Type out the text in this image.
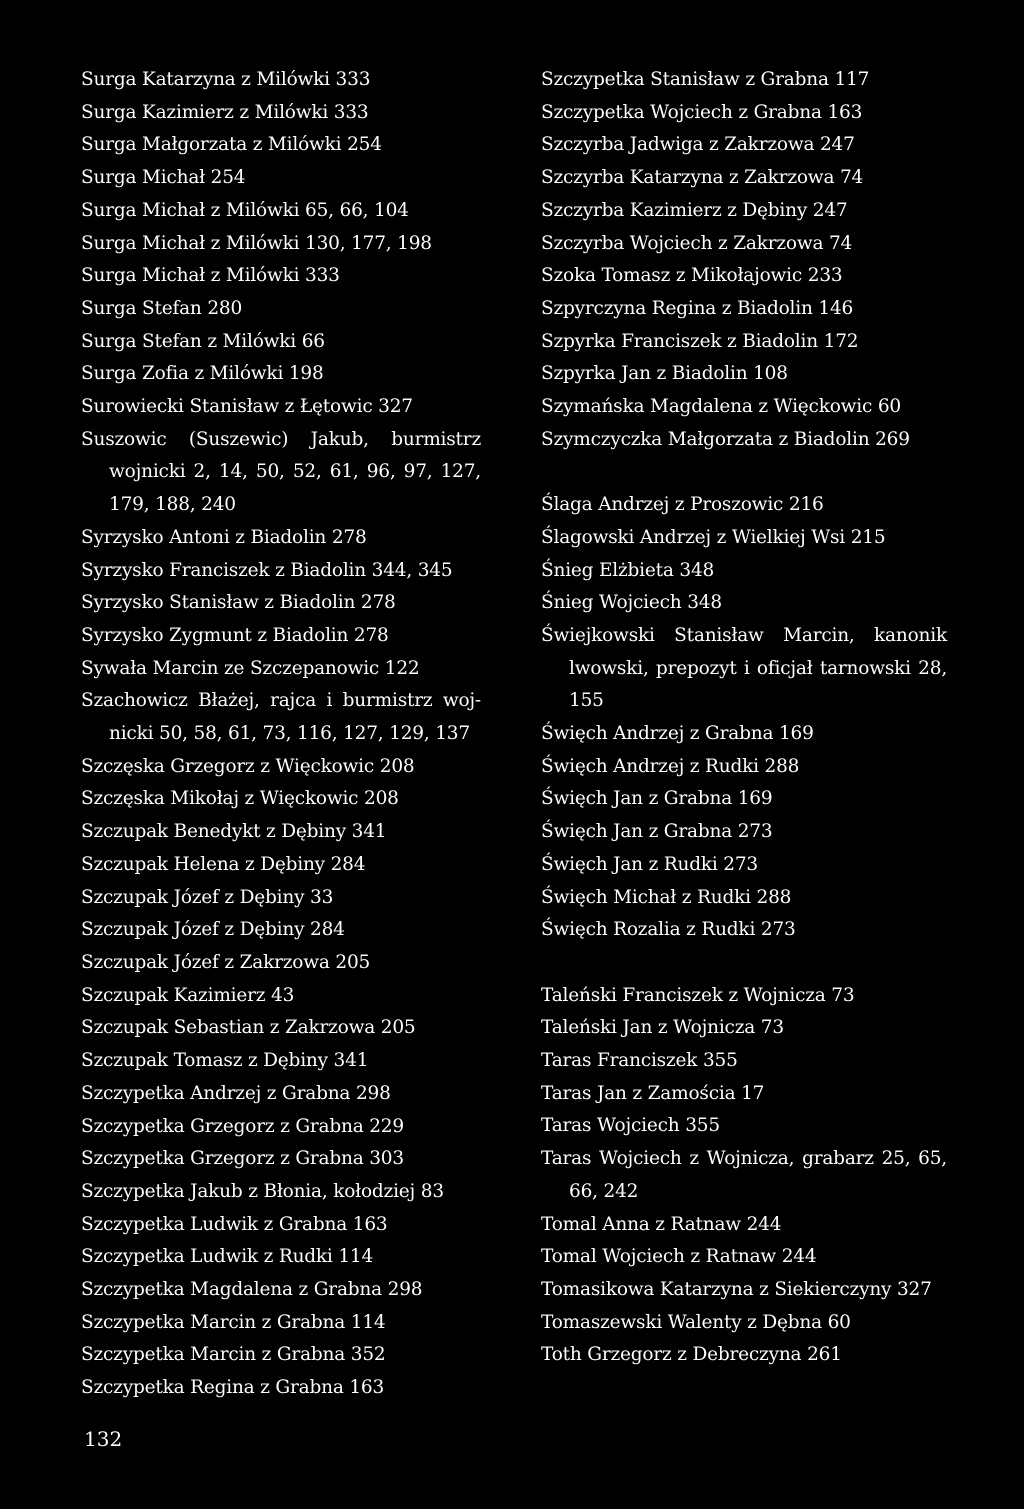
Surga Katarzyna z Milówki 333
Surga Kazimierz z Milówki 333
Surga Małgorzata z Milówki 254
Surga Michał 254
Surga Michał z Milówki 65, 66, 104
Surga Michał z Milówki 130, 177, 198
Surga Michał z Milówki 333
Surga Stefan 280
Surga Stefan z Milówki 66
Surga Zofia z Milówki 198
Surowiecki Stanisław z Łętowic 327
Suszowic (Suszewic) Jakub, burmistrz wojnicki 2, 14, 50, 52, 61, 96, 97, 127, 179, 188, 240
Syrzysko Antoni z Biadolin 278
Syrzysko Franciszek z Biadolin 344, 345
Syrzysko Stanisław z Biadolin 278
Syrzysko Zygmunt z Biadolin 278
Sywała Marcin ze Szczepanowic 122
Szachowicz Błażej, rajca i burmistrz woj- nicki 50, 58, 61, 73, 116, 127, 129, 137
Szczęska Grzegorz z Więckowic 208
Szczęska Mikołaj z Więckowic 208
Szczupak Benedykt z Dębiny 341
Szczupak Helena z Dębiny 284
Szczupak Józef z Dębiny 33
Szczupak Józef z Dębiny 284
Szczupak Józef z Zakrzowa 205
Szczupak Kazimierz 43
Szczupak Sebastian z Zakrzowa 205
Szczupak Tomasz z Dębiny 341
Szczypetka Andrzej z Grabna 298
Szczypetka Grzegorz z Grabna 229
Szczypetka Grzegorz z Grabna 303
Szczypetka Jakub z Błonia, kołodziej 83
Szczypetka Ludwik z Grabna 163
Szczypetka Ludwik z Rudki 114
Szczypetka Magdalena z Grabna 298
Szczypetka Marcin z Grabna 114
Szczypetka Marcin z Grabna 352
Szczypetka Regina z Grabna 163
Szczypetka Stanisław z Grabna 117
Szczypetka Wojciech z Grabna 163
Szczyrba Jadwiga z Zakrzowa 247
Szczyrba Katarzyna z Zakrzowa 74
Szczyrba Kazimierz z Dębiny 247
Szczyrba Wojciech z Zakrzowa 74
Szoka Tomasz z Mikołajowic 233
Szpyrczyna Regina z Biadolin 146
Szpyrka Franciszek z Biadolin 172
Szpyrka Jan z Biadolin 108
Szymańska Magdalena z Więckowic 60
Szymczyczka Małgorzata z Biadolin 269
Ślaga Andrzej z Proszowic 216
Ślagowski Andrzej z Wielkiej Wsi 215
Śnieg Elżbieta 348
Śnieg Wojciech 348
Świejkowski Stanisław Marcin, kanonik lwowski, prepozyt i oficjał tarnowski 28, 155
Święch Andrzej z Grabna 169
Święch Andrzej z Rudki 288
Święch Jan z Grabna 169
Święch Jan z Grabna 273
Święch Jan z Rudki 273
Święch Michał z Rudki 288
Święch Rozalia z Rudki 273
Taleński Franciszek z Wojnicza 73
Taleński Jan z Wojnicza 73
Taras Franciszek 355
Taras Jan z Zamościa 17
Taras Wojciech 355
Taras Wojciech z Wojnicza, grabarz 25, 65, 66, 242
Tomal Anna z Ratnaw 244
Tomal Wojciech z Ratnaw 244
Tomasikowa Katarzyna z Siekierczyny 327
Tomaszewski Walenty z Dębna 60
Toth Grzegorz z Debreczyna 261
132
